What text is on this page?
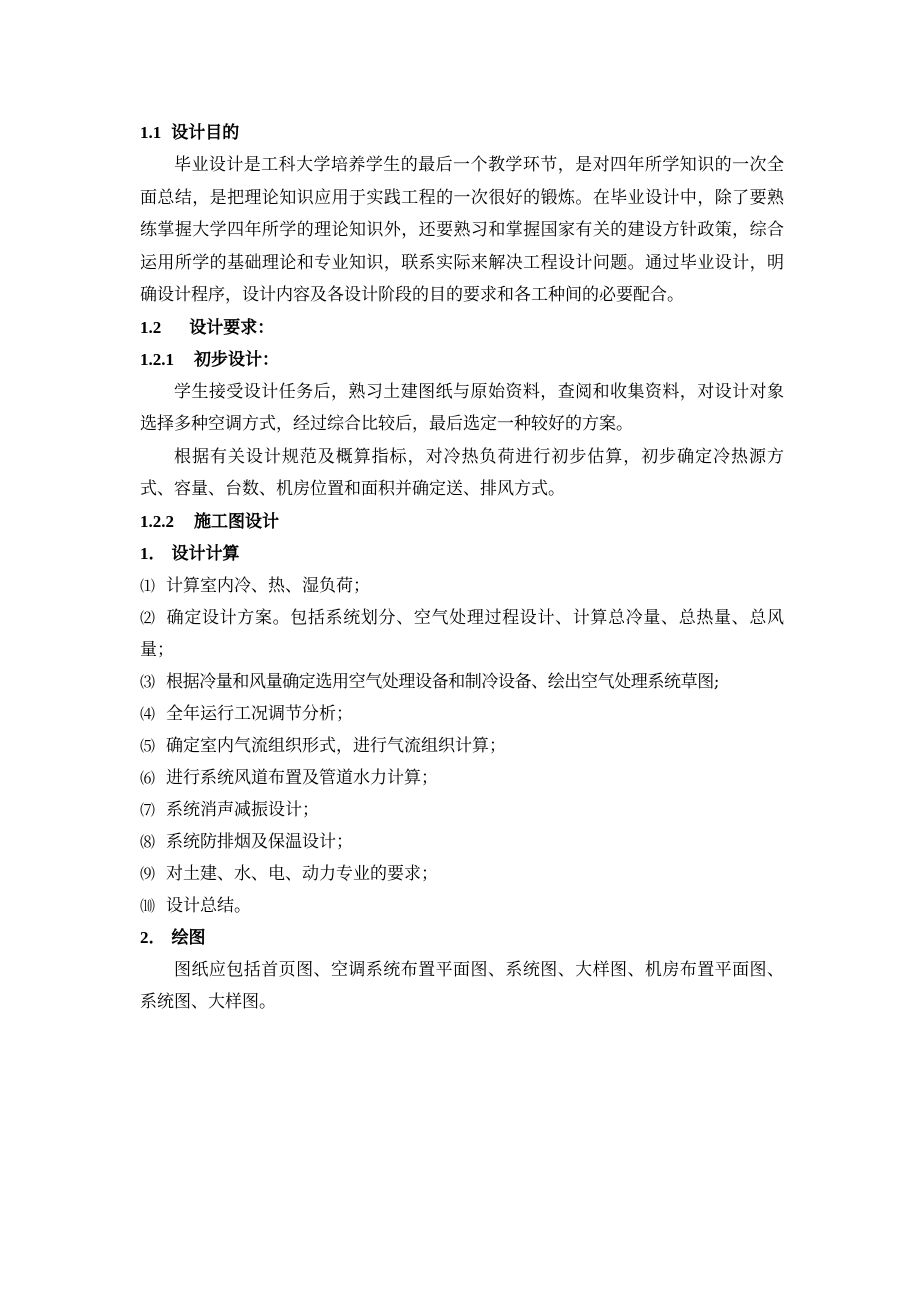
1.1 设计目的

毕业设计是工科大学培养学生的最后一个教学环节，是对四年所学知识的一次全面总结，是把理论知识应用于实践工程的一次很好的锻炼。在毕业设计中，除了要熟练掌握大学四年所学的理论知识外，还要熟习和掌握国家有关的建设方针政策，综合运用所学的基础理论和专业知识，联系实际来解决工程设计问题。通过毕业设计，明确设计程序，设计内容及各设计阶段的目的要求和各工种间的必要配合。

1.2 设计要求：
1.2.1 初步设计：

学生接受设计任务后，熟习土建图纸与原始资料，查阅和收集资料，对设计对象选择多种空调方式，经过综合比较后，最后选定一种较好的方案。

根据有关设计规范及概算指标，对冷热负荷进行初步估算，初步确定冷热源方式、容量、台数、机房位置和面积并确定送、排风方式。

1.2.2 施工图设计
1． 设计计算

⑴ 计算室内冷、热、湿负荷；

⑵ 确定设计方案。包括系统划分、空气处理过程设计、计算总冷量、总热量、总风量；

⑶ 根据冷量和风量确定选用空气处理设备和制冷设备、绘出空气处理系统草图;

⑷ 全年运行工况调节分析；

⑸ 确定室内气流组织形式，进行气流组织计算；

⑹ 进行系统风道布置及管道水力计算；

⑺ 系统消声减振设计；

⑻ 系统防排烟及保温设计；

⑼ 对土建、水、电、动力专业的要求；

⑽ 设计总结。

2． 绘图

图纸应包括首页图、空调系统布置平面图、系统图、大样图、机房布置平面图、系统图、大样图。
